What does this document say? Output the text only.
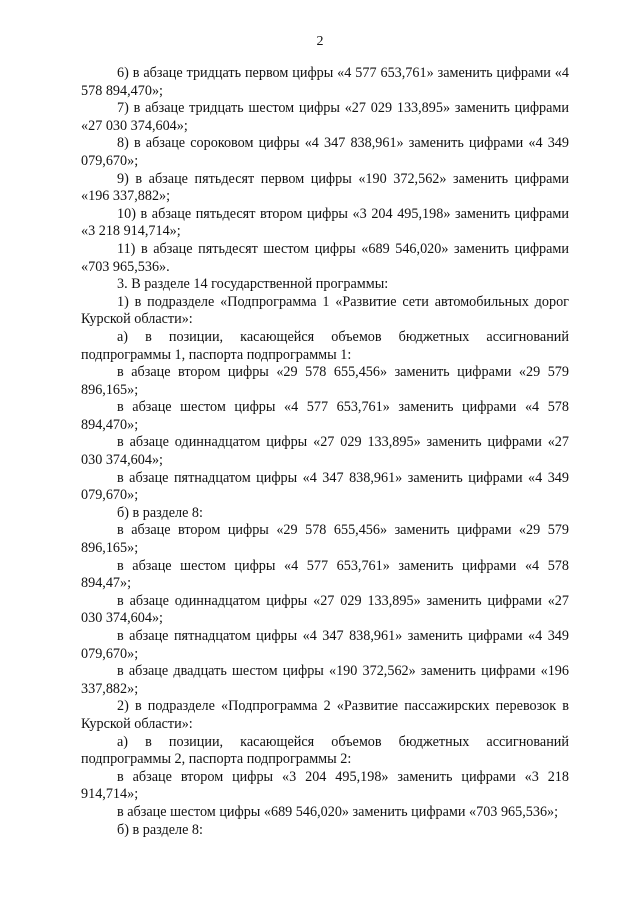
2

6) в абзаце тридцать первом цифры «4 577 653,761» заменить цифрами «4 578 894,470»;

7) в абзаце тридцать шестом цифры «27 029 133,895» заменить цифрами «27 030 374,604»;

8) в абзаце сороковом цифры «4 347 838,961» заменить цифрами «4 349 079,670»;

9) в абзаце пятьдесят первом цифры «190 372,562» заменить цифрами «196 337,882»;

10) в абзаце пятьдесят втором цифры «3 204 495,198» заменить цифрами «3 218 914,714»;

11) в абзаце пятьдесят шестом цифры «689 546,020» заменить цифрами «703 965,536».

3. В разделе 14 государственной программы:

1) в подразделе «Подпрограмма 1 «Развитие сети автомобильных дорог Курской области»:

а) в позиции, касающейся объемов бюджетных ассигнований подпрограммы 1, паспорта подпрограммы 1:

в абзаце втором цифры «29 578 655,456» заменить цифрами «29 579 896,165»;

в абзаце шестом цифры «4 577 653,761» заменить цифрами «4 578 894,470»;

в абзаце одиннадцатом цифры «27 029 133,895» заменить цифрами «27 030 374,604»;

в абзаце пятнадцатом цифры «4 347 838,961» заменить цифрами «4 349 079,670»;

б) в разделе 8:

в абзаце втором цифры «29 578 655,456» заменить цифрами «29 579 896,165»;

в абзаце шестом цифры «4 577 653,761» заменить цифрами «4 578 894,47»;

в абзаце одиннадцатом цифры «27 029 133,895» заменить цифрами «27 030 374,604»;

в абзаце пятнадцатом цифры «4 347 838,961» заменить цифрами «4 349 079,670»;

в абзаце двадцать шестом цифры «190 372,562» заменить цифрами «196 337,882»;

2) в подразделе «Подпрограмма 2 «Развитие пассажирских перевозок в Курской области»:

а) в позиции, касающейся объемов бюджетных ассигнований подпрограммы 2, паспорта подпрограммы 2:

в абзаце втором цифры «3 204 495,198» заменить цифрами «3 218 914,714»;

в абзаце шестом цифры «689 546,020» заменить цифрами «703 965,536»;

б) в разделе 8:
